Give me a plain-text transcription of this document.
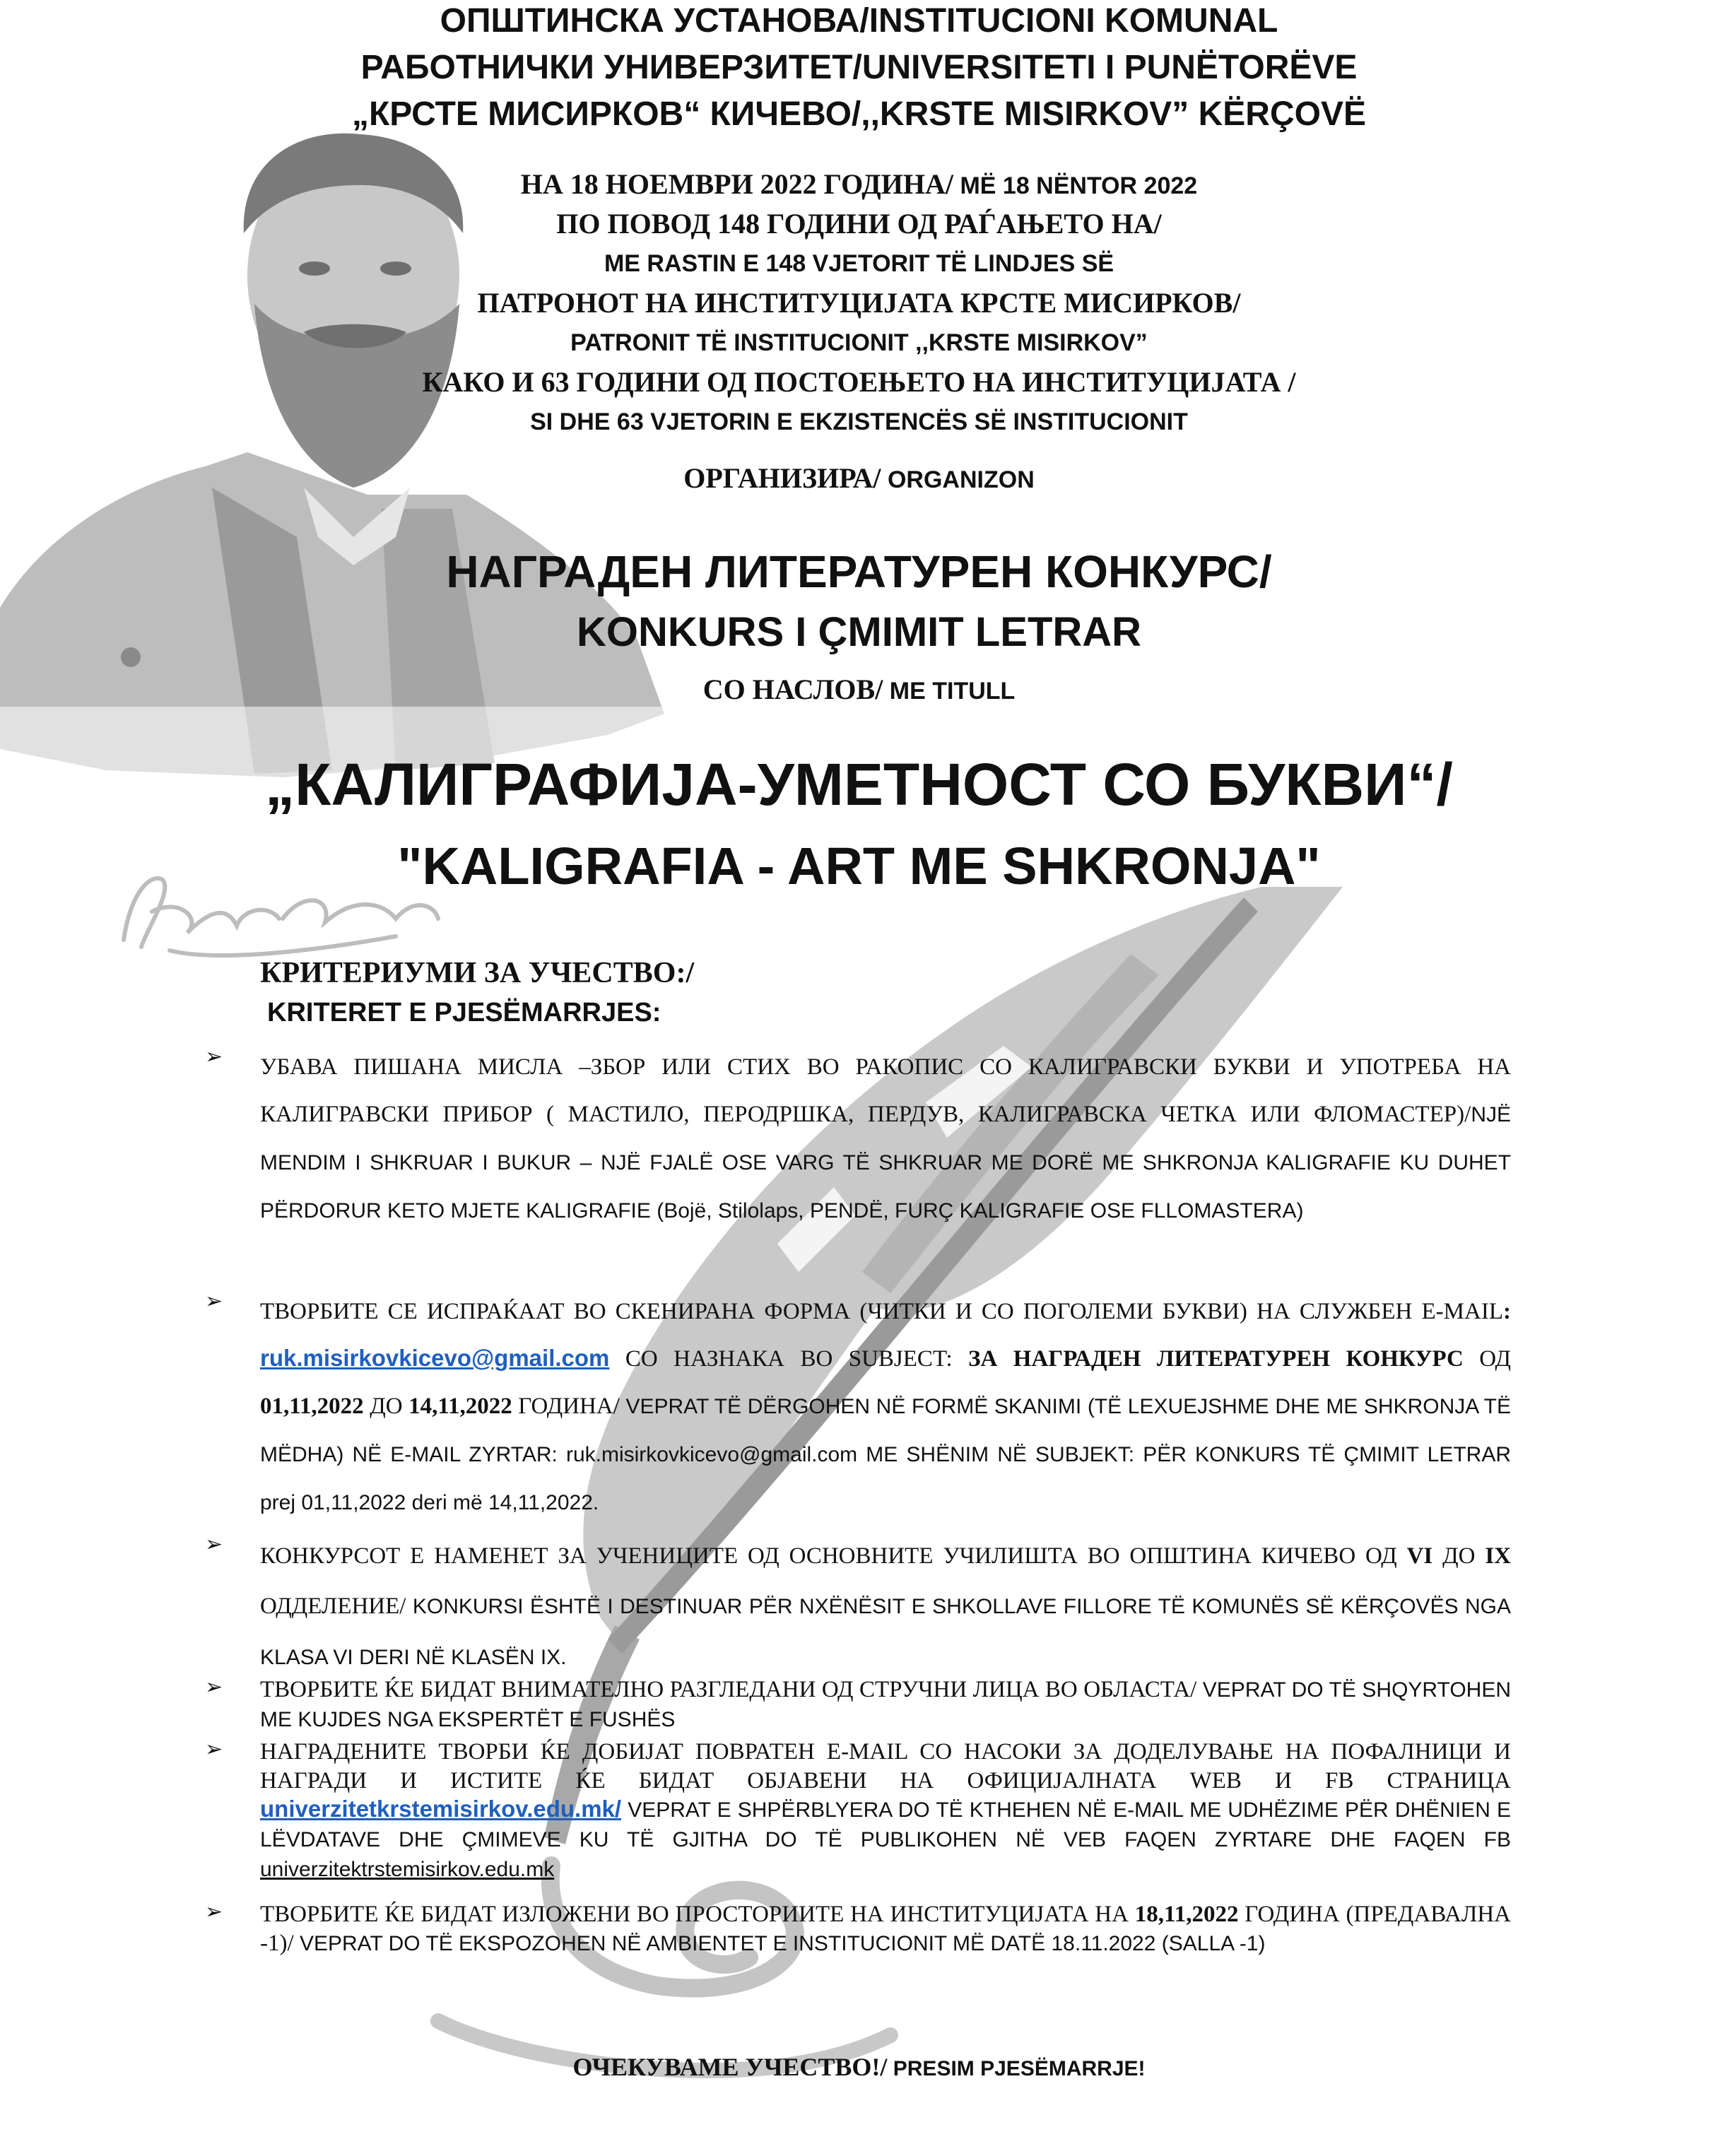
ОПШТИНСКА УСТАНОВА/INSTITUCIONI KOMUNAL
РАБОТНИЧКИ УНИВЕРЗИТЕТ/UNIVERSITETI I PUNËTORËVE
„КРСТЕ МИСИРКОВ“ КИЧЕВО/,,KRSTE MISIRKOV” KËRÇOVË
НА 18 НОЕМВРИ 2022 ГОДИНА/ MË 18 NËNTOR 2022
ПО ПОВОД 148 ГОДИНИ ОД РАЃАЊЕТО НА/
ME RASTIN E 148 VJETORIT TË LINDJES SË
ПАТРОНОТ НА ИНСТИТУЦИЈАТА КРСТЕ МИСИРКОВ/
PATRONIT TË INSTITUCIONIT ,,KRSTE MISIRKOV”
КАКО И 63 ГОДИНИ ОД ПОСТОЕЊЕТО НА ИНСТИТУЦИЈАТА /
SI DHE 63 VJETORIN E EKZISTENCËS SË INSTITUCIONIT
ОРГАНИЗИРА/ ORGANIZON
НАГРАДЕН ЛИТЕРАТУРЕН КОНКУРС/
KONKURS I ÇMIMIT LETRAR
СО НАСЛОВ/ ME TITULL
„КАЛИГРАФИЈА-УМЕТНОСТ СО БУКВИ“/
"KALIGRAFIA - ART ME SHKRONJA"
КРИТЕРИУМИ ЗА УЧЕСТВО:/
KRITERET E PJESËMARRJES:
➢ УБАВА ПИШАНА МИСЛА –ЗБОР ИЛИ СТИХ ВО РАКОПИС СО КАЛИГРАВСКИ БУКВИ И УПОТРЕБА НА КАЛИГРАВСКИ ПРИБОР ( МАСТИЛО, ПЕРОДРШКА, ПЕРДУВ, КАЛИГРАВСКА ЧЕТКА ИЛИ ФЛОМАСТЕР)/NJË MENDIM I SHKRUAR I BUKUR – NJË FJALË OSE VARG TË SHKRUAR ME DORË ME SHKRONJA KALIGRAFIE KU DUHET PËRDORUR KETO MJETE KALIGRAFIE (Bojë, Stilolaps, PENDË, FURÇ KALIGRAFIE OSE FLLOMASTERA)
➢ ТВОРБИТЕ СЕ ИСПРАЌААТ ВО СКЕНИРАНА ФОРМА (ЧИТКИ И СО ПОГОЛЕМИ БУКВИ) НА СЛУЖБЕН E-MAIL: ruk.misirkovkicevo@gmail.com СО НАЗНАКА ВО SUBJECT: ЗА НАГРАДЕН ЛИТЕРАТУРЕН КОНКУРС ОД 01,11,2022 ДО 14,11,2022 ГОДИНА/ VEPRAT TË DËRGOHEN NË FORMË SKANIMI (TË LEXUEJSHME DHE ME SHKRONJA TË MËDHA) NË E-MAIL ZYRTAR: ruk.misirkovkicevo@gmail.com ME SHËNIM NË SUBJEKT: PËR KONKURS TË ÇMIMIT LETRAR prej 01,11,2022 deri më 14,11,2022.
➢ КОНКУРСОТ Е НАМЕНЕТ ЗА УЧЕНИЦИТЕ ОД ОСНОВНИТЕ УЧИЛИШТА ВО ОПШТИНА КИЧЕВО ОД VI ДО IX ОДДЕЛЕНИЕ/ KONKURSI ËSHTË I DESTINUAR PËR NXËNËSIT E SHKOLLAVE FILLORE TË KOMUNËS SË KËRÇOVËS NGA KLASA VI DERI NË KLASËN IX.
➢ ТВОРБИТЕ ЌЕ БИДАТ ВНИМАТЕЛНО РАЗГЛЕДАНИ ОД СТРУЧНИ ЛИЦА ВО ОБЛАСТА/ VEPRAT DO TË SHQYRTOHEN ME KUJDES NGA EKSPERTËT E FUSHËS
➢ НАГРАДЕНИТЕ ТВОРБИ ЌЕ ДОБИЈАТ ПОВРАТЕН E-MAIL СО НАСОКИ ЗА ДОДЕЛУВАЊЕ НА ПОФАЛНИЦИ И НАГРАДИ И ИСТИТЕ ЌЕ БИДАТ ОБЈАВЕНИ НА ОФИЦИЈАЛНАТА WEB И FB СТРАНИЦА univerzitetkrstemisirkov.edu.mk/ VEPRAT E SHPËRBLYERA DO TË KTHEHEN NË E-MAIL ME UDHËZIME PËR DHËNIEN E LËVDATAVE DHE ÇMIMEVE KU TË GJITHA DO TË PUBLIKOHEN NË VEB FAQEN ZYRTARE DHE FAQEN FB univerzitektrstemisirkov.edu.mk
➢ ТВОРБИТЕ ЌЕ БИДАТ ИЗЛОЖЕНИ ВО ПРОСТОРИИТЕ НА ИНСТИТУЦИЈАТА НА 18,11,2022 ГОДИНА (ПРЕДАВАЛНА -1)/ VEPRAT DO TË EKSPOZOHEN NË AMBIENTET E INSTITUCIONIT MË DATË 18.11.2022 (SALLA -1)
ОЧЕКУВАМЕ УЧЕСТВО!/ PRESIM PJESËMARRJE!
